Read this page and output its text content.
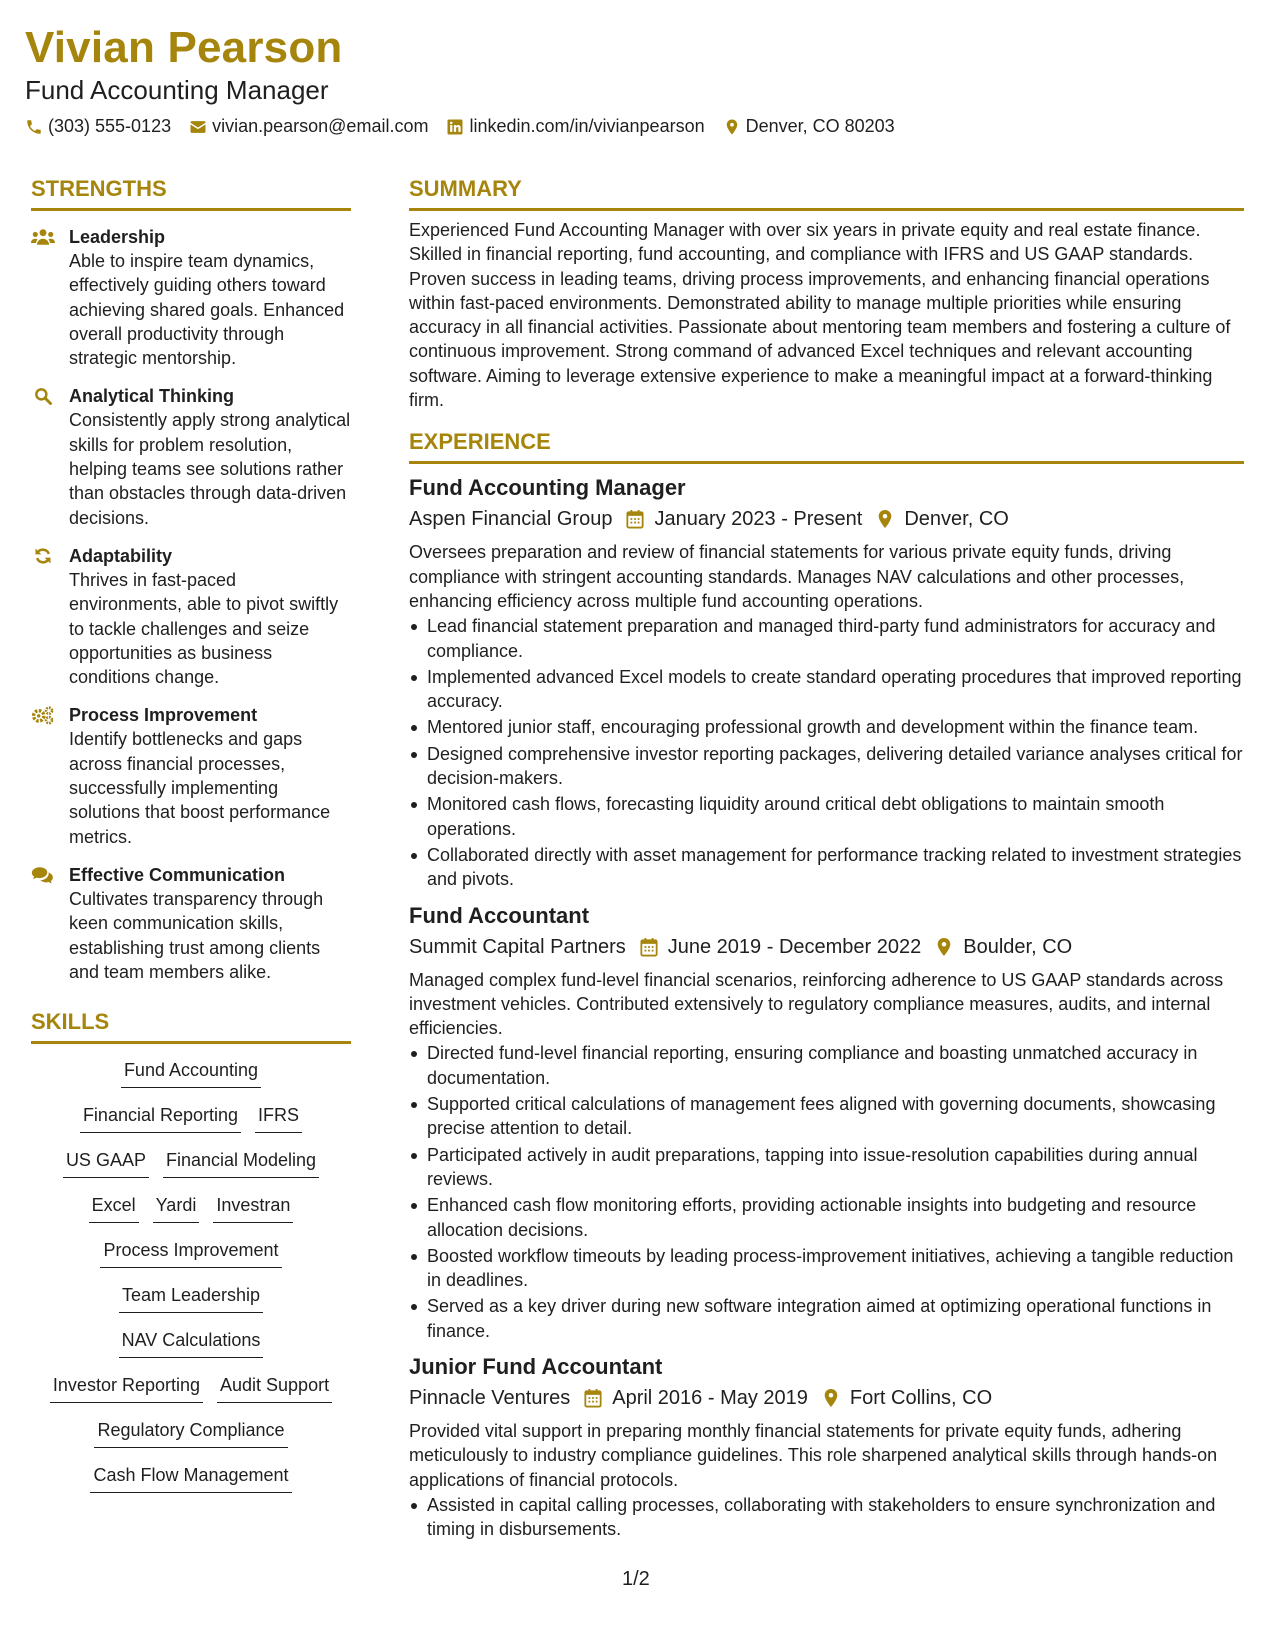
Vivian Pearson
Fund Accounting Manager
(303) 555-0123 vivian.pearson@email.com linkedin.com/in/vivianpearson Denver, CO 80203
STRENGTHS
Leadership
Able to inspire team dynamics, effectively guiding others toward achieving shared goals. Enhanced overall productivity through strategic mentorship.
Analytical Thinking
Consistently apply strong analytical skills for problem resolution, helping teams see solutions rather than obstacles through data-driven decisions.
Adaptability
Thrives in fast-paced environments, able to pivot swiftly to tackle challenges and seize opportunities as business conditions change.
Process Improvement
Identify bottlenecks and gaps across financial processes, successfully implementing solutions that boost performance metrics.
Effective Communication
Cultivates transparency through keen communication skills, establishing trust among clients and team members alike.
SKILLS
Fund Accounting
Financial Reporting IFRS
US GAAP Financial Modeling
Excel Yardi Investran
Process Improvement
Team Leadership
NAV Calculations
Investor Reporting Audit Support
Regulatory Compliance
Cash Flow Management
SUMMARY
Experienced Fund Accounting Manager with over six years in private equity and real estate finance. Skilled in financial reporting, fund accounting, and compliance with IFRS and US GAAP standards. Proven success in leading teams, driving process improvements, and enhancing financial operations within fast-paced environments. Demonstrated ability to manage multiple priorities while ensuring accuracy in all financial activities. Passionate about mentoring team members and fostering a culture of continuous improvement. Strong command of advanced Excel techniques and relevant accounting software. Aiming to leverage extensive experience to make a meaningful impact at a forward-thinking firm.
EXPERIENCE
Fund Accounting Manager
Aspen Financial Group January 2023 - Present Denver, CO
Oversees preparation and review of financial statements for various private equity funds, driving compliance with stringent accounting standards. Manages NAV calculations and other processes, enhancing efficiency across multiple fund accounting operations.
Lead financial statement preparation and managed third-party fund administrators for accuracy and compliance.
Implemented advanced Excel models to create standard operating procedures that improved reporting accuracy.
Mentored junior staff, encouraging professional growth and development within the finance team.
Designed comprehensive investor reporting packages, delivering detailed variance analyses critical for decision-makers.
Monitored cash flows, forecasting liquidity around critical debt obligations to maintain smooth operations.
Collaborated directly with asset management for performance tracking related to investment strategies and pivots.
Fund Accountant
Summit Capital Partners June 2019 - December 2022 Boulder, CO
Managed complex fund-level financial scenarios, reinforcing adherence to US GAAP standards across investment vehicles. Contributed extensively to regulatory compliance measures, audits, and internal efficiencies.
Directed fund-level financial reporting, ensuring compliance and boasting unmatched accuracy in documentation.
Supported critical calculations of management fees aligned with governing documents, showcasing precise attention to detail.
Participated actively in audit preparations, tapping into issue-resolution capabilities during annual reviews.
Enhanced cash flow monitoring efforts, providing actionable insights into budgeting and resource allocation decisions.
Boosted workflow timeouts by leading process-improvement initiatives, achieving a tangible reduction in deadlines.
Served as a key driver during new software integration aimed at optimizing operational functions in finance.
Junior Fund Accountant
Pinnacle Ventures April 2016 - May 2019 Fort Collins, CO
Provided vital support in preparing monthly financial statements for private equity funds, adhering meticulously to industry compliance guidelines. This role sharpened analytical skills through hands-on applications of financial protocols.
Assisted in capital calling processes, collaborating with stakeholders to ensure synchronization and timing in disbursements.
1/2
